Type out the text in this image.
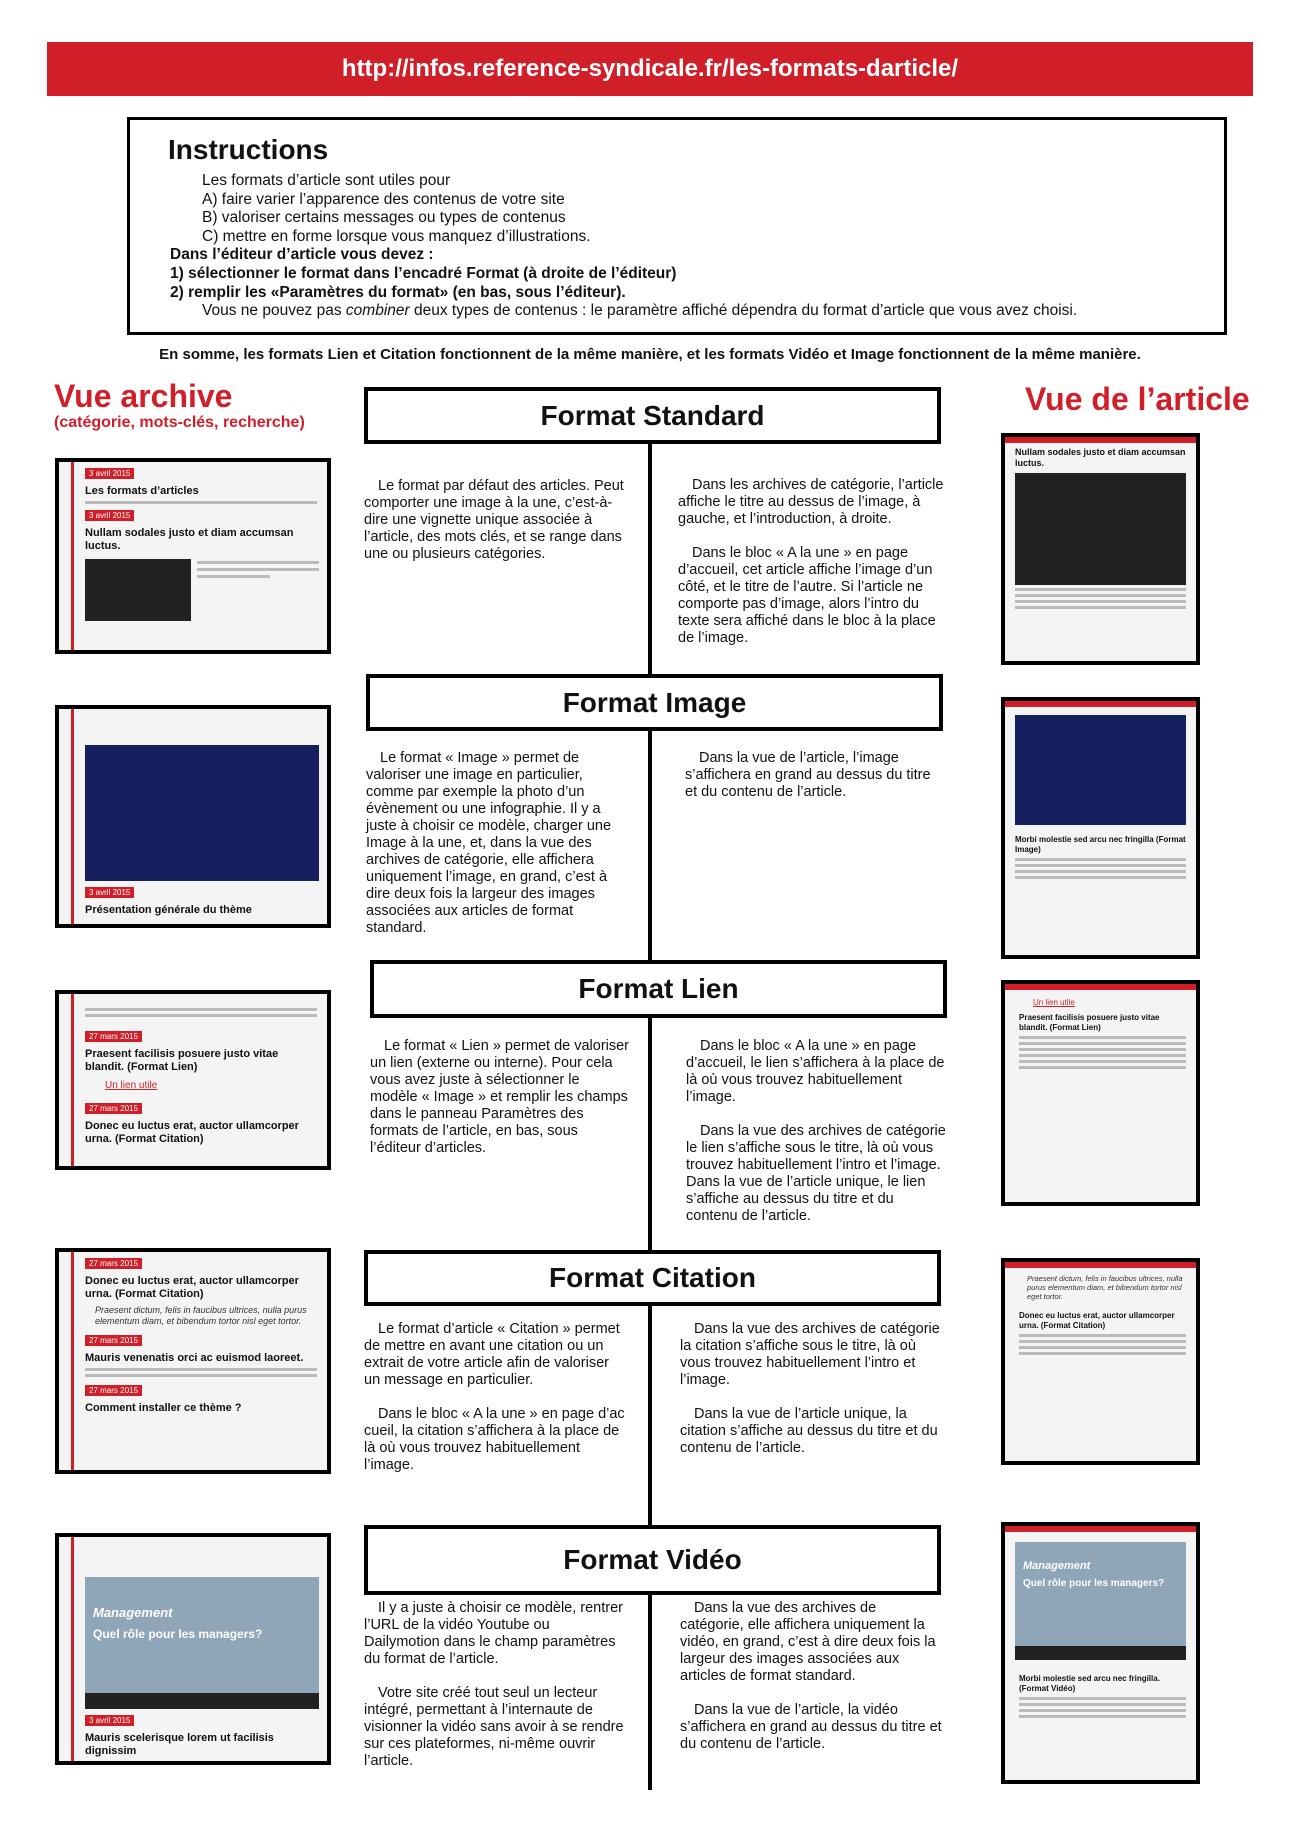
http://infos.reference-syndicale.fr/les-formats-darticle/
Instructions
Les formats d’article sont utiles pour
A) faire varier l’apparence des contenus de votre site
B) valoriser certains messages ou types de contenus
C) mettre en forme lorsque vous manquez d’illustrations.
Dans l’éditeur d’article vous devez :
1) sélectionner le format dans l’encadré Format (à droite de l’éditeur)
2) remplir les «Paramètres du format» (en bas, sous l’éditeur).
Vous ne pouvez pas combiner deux types de contenus : le paramètre affiché dépendra du format d’article que vous avez choisi.
En somme, les formats Lien et Citation fonctionnent de la même manière, et les formats Vidéo et Image fonctionnent de la même manière.
Vue archive
(catégorie, mots-clés, recherche)
Vue de l’article
Format Standard
Format Image
Format Lien
Format Citation
Format Vidéo

Le format par défaut des articles. Peut comporter une image à la une, c’est-à-dire une vignette unique associée à l’article, des mots clés, et se range dans une ou plusieurs catégories.

Dans les archives de catégorie, l’article affiche le titre au dessus de l’image, à gauche, et l’introduction, à droite.

Dans le bloc « A la une » en page d’accueil, cet article affiche l’image d’un côté, et le titre de l’autre. Si l’article ne comporte pas d’image, alors l’intro du texte sera affiché dans le bloc à la place de l’image.

Le format « Image » permet de valoriser une image en particulier, comme par exemple la photo d’un évènement ou une infographie. Il y a juste à choisir ce modèle, charger une Image à la une, et, dans la vue des archives de catégorie, elle affichera uniquement l’image, en grand, c’est à dire deux fois la largeur des images associées aux articles de format standard.

Dans la vue de l’article, l’image s’affichera en grand au dessus du titre et du contenu de l’article.

Le format « Lien » permet de valoriser un lien (externe ou interne). Pour cela vous avez juste à sélectionner le modèle « Image » et remplir les champs dans le panneau Paramètres des formats de l’article, en bas, sous l’éditeur d’articles.

Dans le bloc « A la une » en page d’accueil, le lien s’affichera à la place de là où vous trouvez habituellement l’image.

Dans la vue des archives de catégorie le lien s’affiche sous le titre, là où vous trouvez habituellement l’intro et l’image. Dans la vue de l’article unique, le lien s’affiche au dessus du titre et du contenu de l’article.

Le format d’article « Citation » permet de mettre en avant une citation ou un extrait de votre article afin de valoriser un message en particulier.

Dans le bloc « A la une » en page d’ac cueil, la citation s’affichera à la place de là où vous trouvez habituellement l’image.

Dans la vue des archives de catégorie la citation s’affiche sous le titre, là où vous trouvez habituellement l’intro et l’image.

Dans la vue de l’article unique, la citation s’affiche au dessus du titre et du contenu de l’article.

Il y a juste à choisir ce modèle, rentrer l’URL de la vidéo Youtube ou Dailymotion dans le champ paramètres du format de l’article.

Votre site créé tout seul un lecteur intégré, permettant à l’internaute de visionner la vidéo sans avoir à se rendre sur ces plateformes, ni-même ouvrir l’article.

Dans la vue des archives de catégorie, elle affichera uniquement la vidéo, en grand, c’est à dire deux fois la largeur des images associées aux articles de format standard.

Dans la vue de l’article, la vidéo s’affichera en grand au dessus du titre et du contenu de l’article.

3 avril 2015
Les formats d’articles
3 avril 2015
Nullam sodales justo et diam accumsan luctus.
3 avril 2015
Présentation générale du thème
27 mars 2015
Praesent facilisis posuere justo vitae blandit. (Format Lien)
Un lien utile
27 mars 2015
Donec eu luctus erat, auctor ullamcorper urna. (Format Citation)
27 mars 2015
Donec eu luctus erat, auctor ullamcorper urna. (Format Citation)
Praesent dictum, felis in faucibus ultrices, nulla purus elementum diam, et bibendum tortor nisl eget tortor.
27 mars 2015
Mauris venenatis orci ac euismod laoreet.
27 mars 2015
Comment installer ce thème ?
Management
Quel rôle pour les managers?
3 avril 2015
Mauris scelerisque lorem ut facilisis dignissim
Nullam sodales justo et diam accumsan luctus.
Morbi molestie sed arcu nec fringilla (Format Image)
Un lien utile
Praesent facilisis posuere justo vitae blandit. (Format Lien)
Praesent dictum, felis in faucibus ultrices, nulla purus elementum diam, et bibendum tortor nisl eget tortor.
Donec eu luctus erat, auctor ullamcorper urna. (Format Citation)
Management
Quel rôle pour les managers?
Morbi molestie sed arcu nec fringilla. (Format Vidéo)
